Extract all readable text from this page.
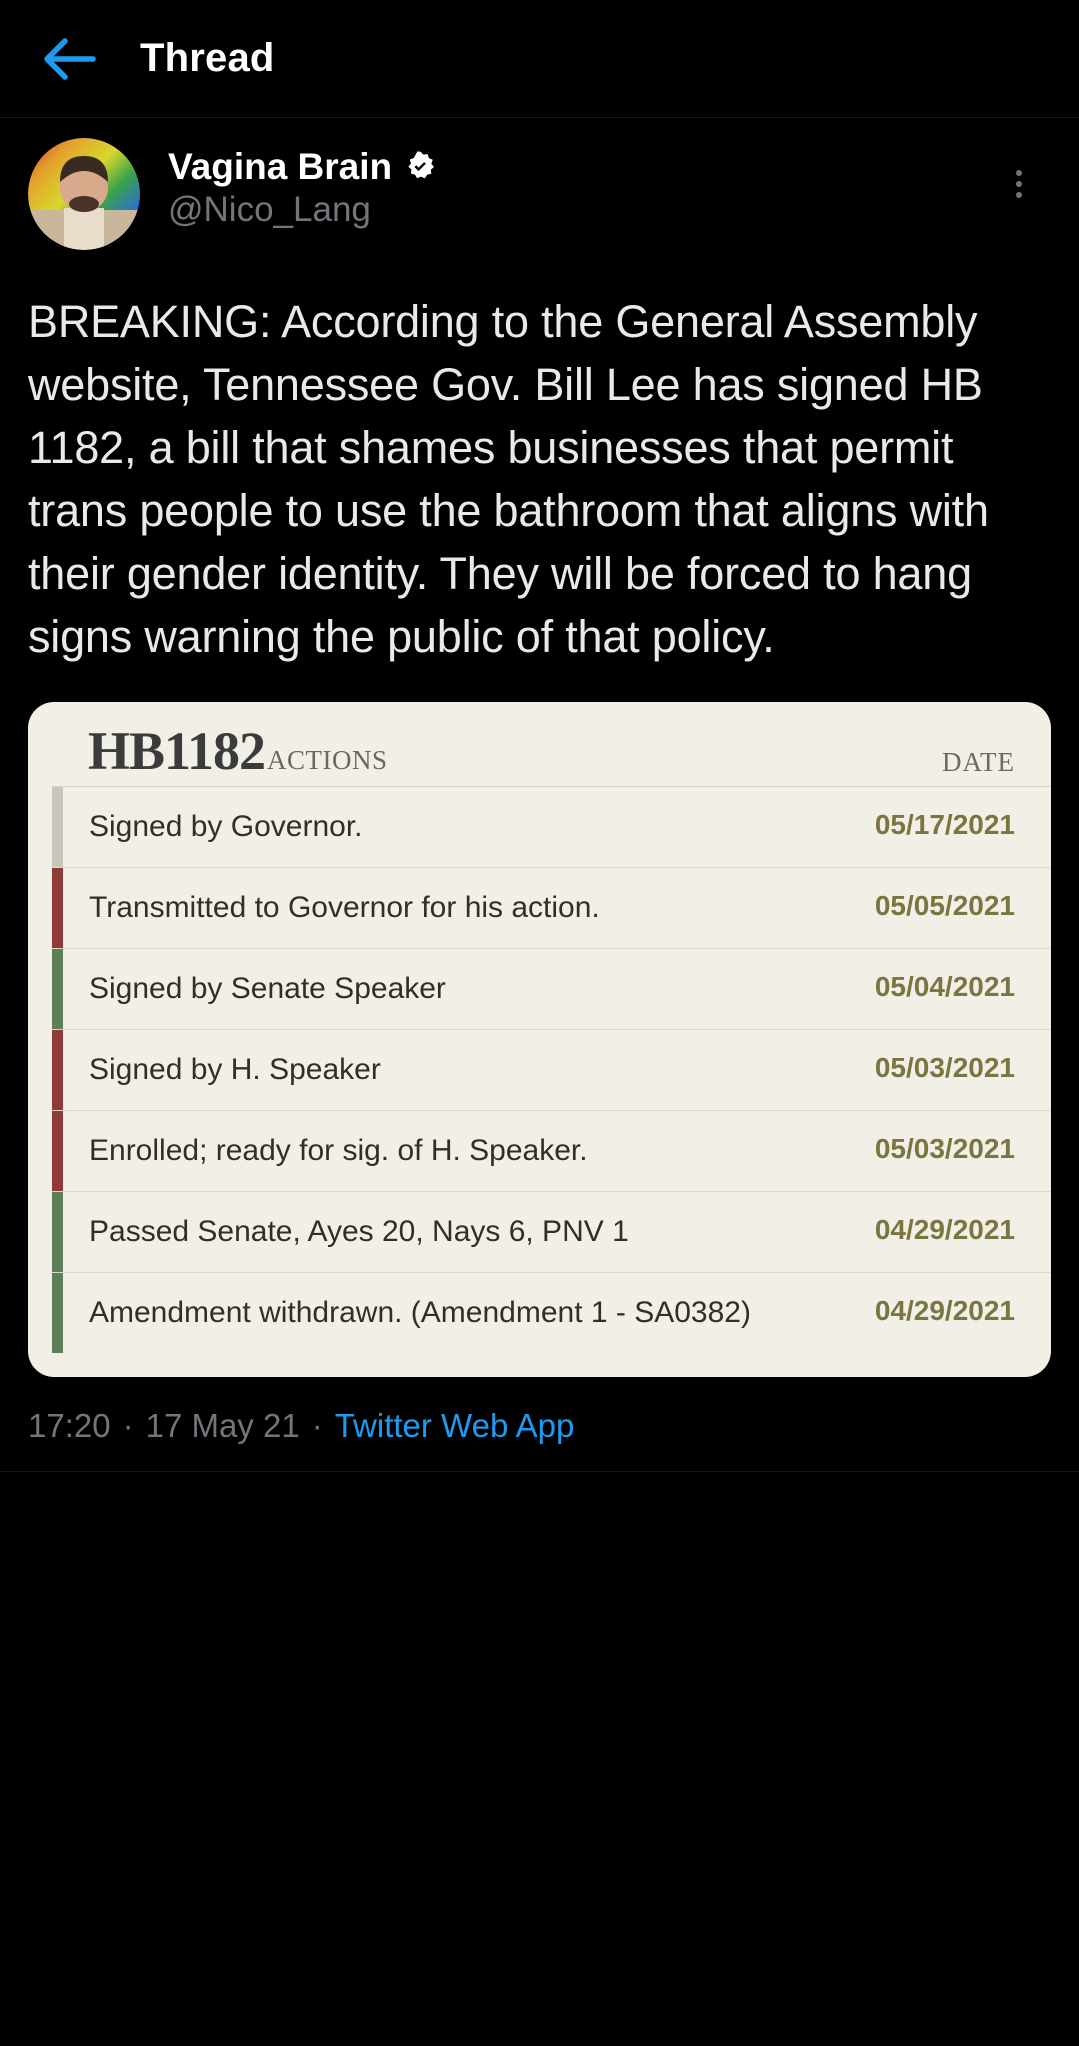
Thread
Vagina Brain
@Nico_Lang
BREAKING: According to the General Assembly website, Tennessee Gov. Bill Lee has signed HB 1182, a bill that shames businesses that permit trans people to use the bathroom that aligns with their gender identity. They will be forced to hang signs warning the public of that policy.
HB1182 ACTIONS	DATE
Signed by Governor.	05/17/2021
Transmitted to Governor for his action.	05/05/2021
Signed by Senate Speaker	05/04/2021
Signed by H. Speaker	05/03/2021
Enrolled; ready for sig. of H. Speaker.	05/03/2021
Passed Senate, Ayes 20, Nays 6, PNV 1	04/29/2021
Amendment withdrawn. (Amendment 1 - SA0382)	04/29/2021
17:20 · 17 May 21 · Twitter Web App
